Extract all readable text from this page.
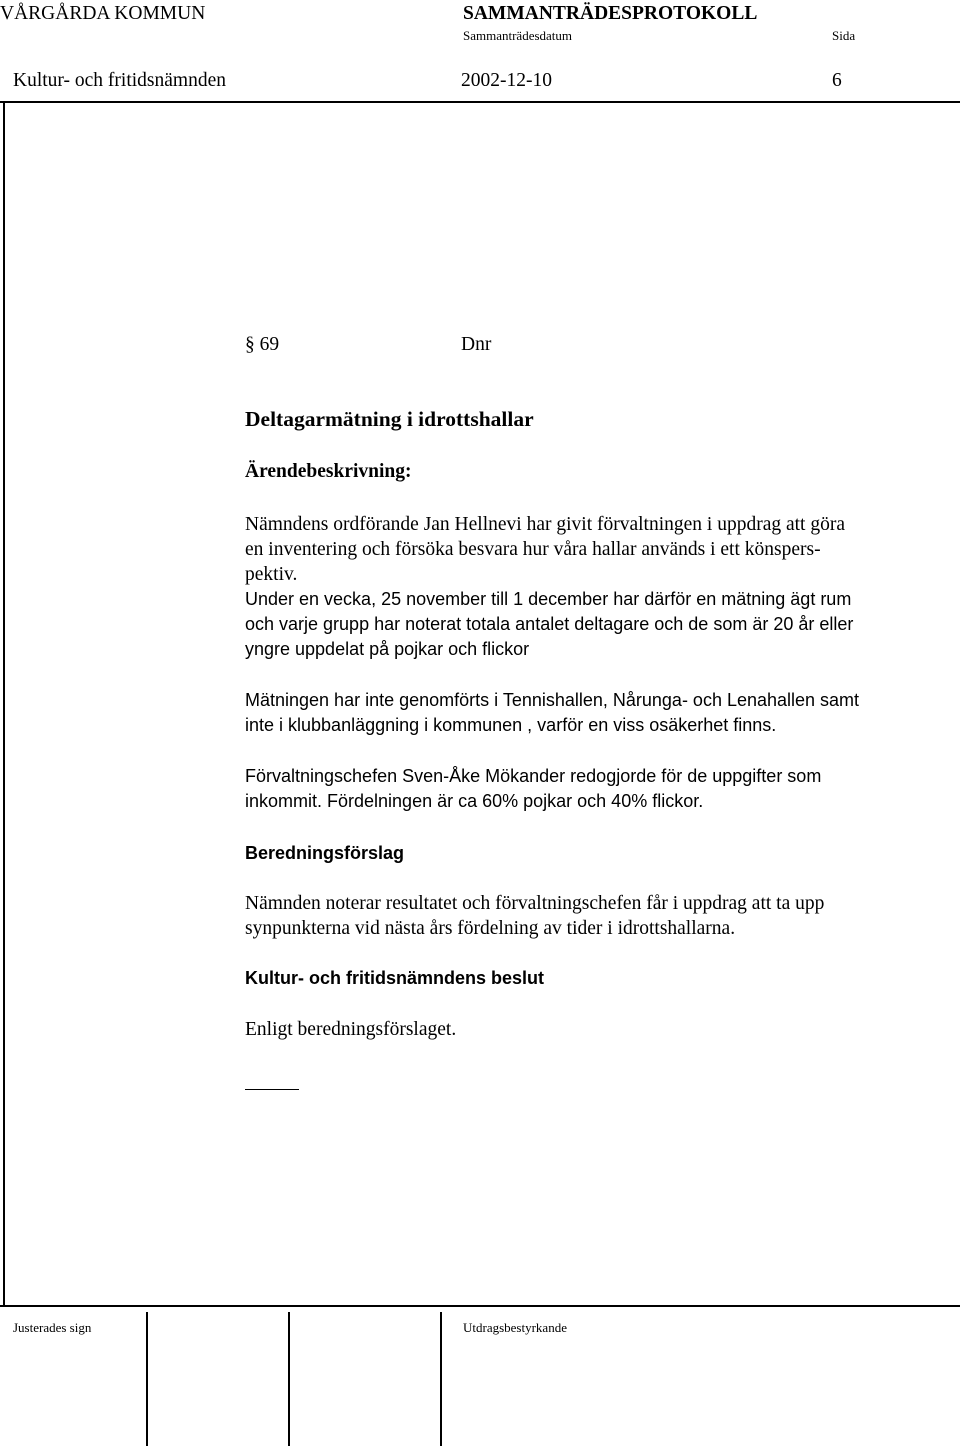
VÅRGÅRDA KOMMUN	SAMMANTRÄDESPROTOKOLL
Sammanträdesdatum	Sida
Kultur- och fritidsnämnden	2002-12-10	6
§ 69	Dnr
Deltagarmätning i idrottshallar
Ärendebeskrivning:
Nämndens ordförande Jan Hellnevi har givit förvaltningen i uppdrag att göra
en inventering och försöka besvara hur våra hallar används i ett könspers-
pektiv.
Under en vecka, 25 november till 1 december har därför en mätning ägt rum
och varje grupp har noterat totala antalet deltagare och de som är 20 år eller
yngre uppdelat på pojkar och flickor
Mätningen har inte genomförts i Tennishallen, Nårunga- och Lenahallen samt
inte i klubbanläggning i kommunen , varför en viss osäkerhet finns.
Förvaltningschefen Sven-Åke Mökander redogjorde för de uppgifter som
inkommit. Fördelningen är ca 60% pojkar och 40% flickor.
Beredningsförslag
Nämnden noterar resultatet och förvaltningschefen får i uppdrag att ta upp
synpunkterna vid nästa års fördelning av tider i idrottshallarna.
Kultur- och fritidsnämndens beslut
Enligt beredningsförslaget.
Justerades sign	Utdragsbestyrkande
